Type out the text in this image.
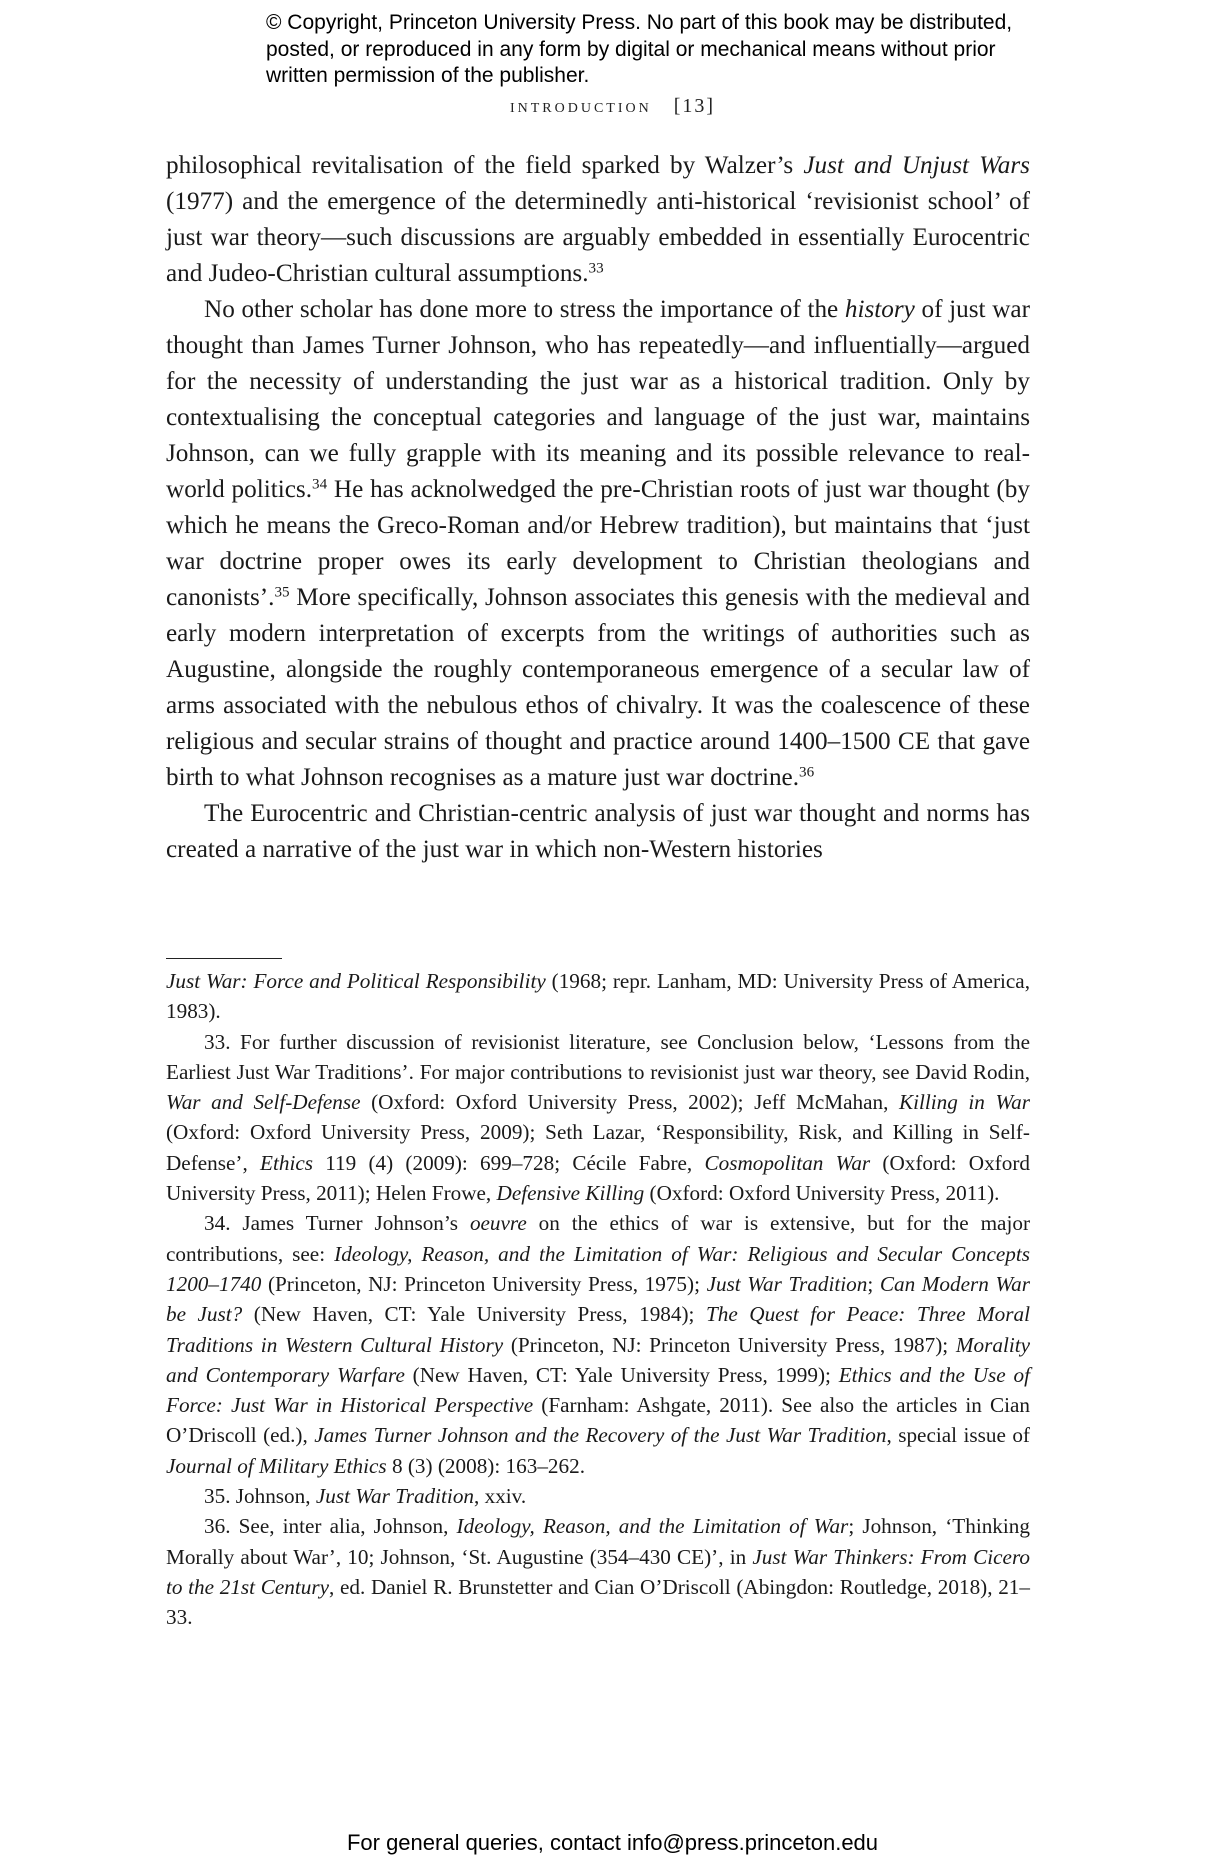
© Copyright, Princeton University Press. No part of this book may be distributed, posted, or reproduced in any form by digital or mechanical means without prior written permission of the publisher.
introduction [13]

philosophical revitalisation of the field sparked by Walzer’s Just and Unjust Wars (1977) and the emergence of the determinedly anti-historical ‘revisionist school’ of just war theory—such discussions are arguably embedded in essentially Eurocentric and Judeo-Christian cultural assumptions.$^{33}$

No other scholar has done more to stress the importance of the history of just war thought than James Turner Johnson, who has repeatedly—and influentially—argued for the necessity of understanding the just war as a historical tradition. Only by contextualising the conceptual categories and language of the just war, maintains Johnson, can we fully grapple with its meaning and its possible relevance to real-world politics.$^{34}$ He has acknolwedged the pre-Christian roots of just war thought (by which he means the Greco-Roman and/or Hebrew tradition), but maintains that ‘just war doctrine proper owes its early development to Christian theologians and canonists’.$^{35}$ More specifically, Johnson associates this genesis with the medieval and early modern interpretation of excerpts from the writings of authorities such as Augustine, alongside the roughly contemporaneous emergence of a secular law of arms associated with the nebulous ethos of chivalry. It was the coalescence of these religious and secular strains of thought and practice around 1400–1500 CE that gave birth to what Johnson recognises as a mature just war doctrine.$^{36}$

The Eurocentric and Christian-centric analysis of just war thought and norms has created a narrative of the just war in which non-Western histories

Just War: Force and Political Responsibility (1968; repr. Lanham, MD: University Press of America, 1983).

33. For further discussion of revisionist literature, see Conclusion below, ‘Lessons from the Earliest Just War Traditions’. For major contributions to revisionist just war theory, see David Rodin, War and Self-Defense (Oxford: Oxford University Press, 2002); Jeff McMahan, Killing in War (Oxford: Oxford University Press, 2009); Seth Lazar, ‘Responsibility, Risk, and Killing in Self-Defense’, Ethics 119 (4) (2009): 699–728; Cécile Fabre, Cosmopolitan War (Oxford: Oxford University Press, 2011); Helen Frowe, Defensive Killing (Oxford: Oxford University Press, 2011).

34. James Turner Johnson’s oeuvre on the ethics of war is extensive, but for the major contributions, see: Ideology, Reason, and the Limitation of War: Religious and Secular Concepts 1200–1740 (Princeton, NJ: Princeton University Press, 1975); Just War Tradition; Can Modern War be Just? (New Haven, CT: Yale University Press, 1984); The Quest for Peace: Three Moral Traditions in Western Cultural History (Princeton, NJ: Princeton University Press, 1987); Morality and Contemporary Warfare (New Haven, CT: Yale University Press, 1999); Ethics and the Use of Force: Just War in Historical Perspective (Farnham: Ashgate, 2011). See also the articles in Cian O’Driscoll (ed.), James Turner Johnson and the Recovery of the Just War Tradition, special issue of Journal of Military Ethics 8 (3) (2008): 163–262.

35. Johnson, Just War Tradition, xxiv.

36. See, inter alia, Johnson, Ideology, Reason, and the Limitation of War; Johnson, ‘Thinking Morally about War’, 10; Johnson, ‘St. Augustine (354–430 CE)’, in Just War Thinkers: From Cicero to the 21st Century, ed. Daniel R. Brunstetter and Cian O’Driscoll (Abingdon: Routledge, 2018), 21–33.

For general queries, contact info@press.princeton.edu
